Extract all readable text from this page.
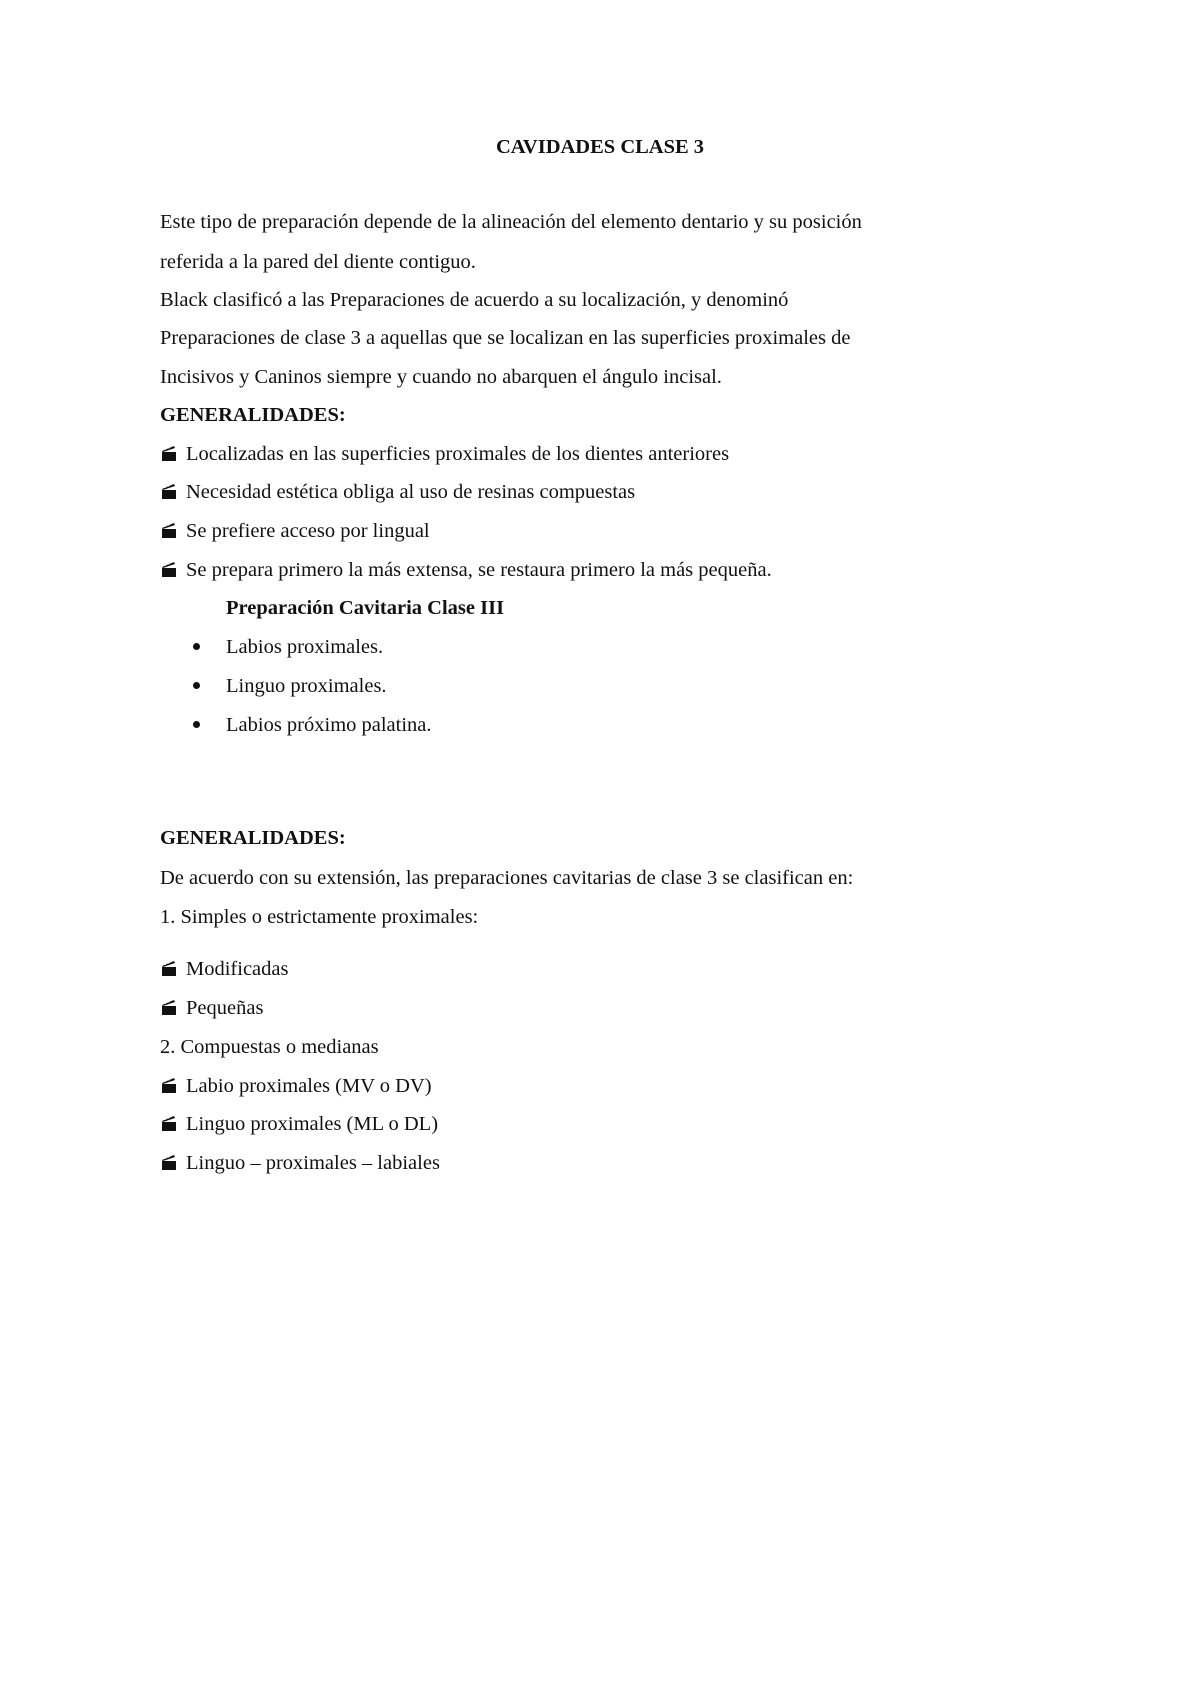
CAVIDADES CLASE 3
Este tipo de preparación depende de la alineación del elemento dentario y su posición
referida a la pared del diente contiguo.
Black clasificó a las Preparaciones de acuerdo a su localización, y denominó
Preparaciones de clase 3 a aquellas que se localizan en las superficies proximales de
Incisivos y Caninos siempre y cuando no abarquen el ángulo incisal.
GENERALIDADES:
Localizadas en las superficies proximales de los dientes anteriores
Necesidad estética obliga al uso de resinas compuestas
Se prefiere acceso por lingual
Se prepara primero la más extensa, se restaura primero la más pequeña.
Preparación Cavitaria Clase III
Labios proximales.
Linguo proximales.
Labios próximo palatina.
GENERALIDADES:
De acuerdo con su extensión, las preparaciones cavitarias de clase 3 se clasifican en:
1. Simples o estrictamente proximales:
Modificadas
Pequeñas
2. Compuestas o medianas
Labio proximales (MV o DV)
Linguo proximales (ML o DL)
Linguo – proximales – labiales
